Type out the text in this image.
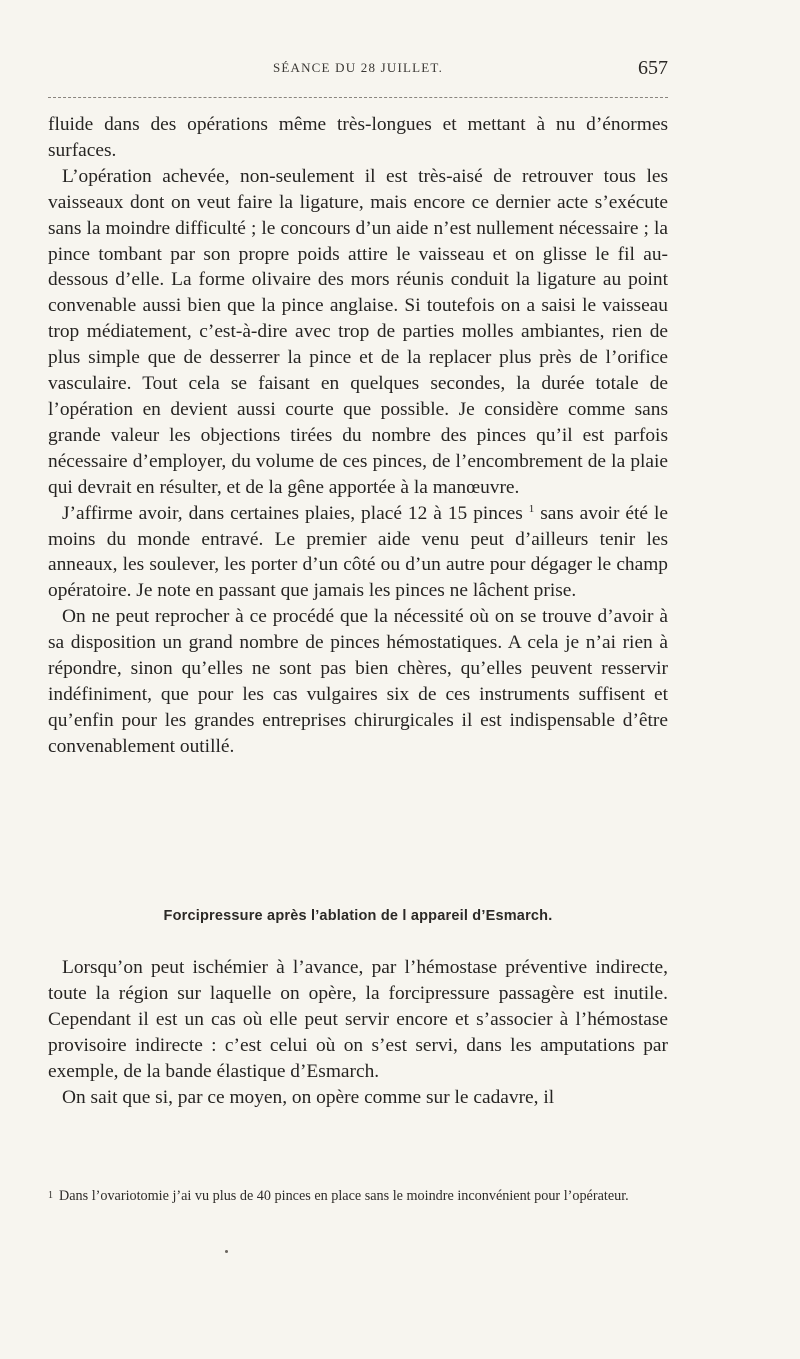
SÉANCE DU 28 JUILLET.	657

fluide dans des opérations même très-longues et mettant à nu d’énormes surfaces.

L’opération achevée, non-seulement il est très-aisé de retrouver tous les vaisseaux dont on veut faire la ligature, mais encore ce dernier acte s’exécute sans la moindre difficulté ; le concours d’un aide n’est nullement nécessaire ; la pince tombant par son propre poids attire le vaisseau et on glisse le fil au-dessous d’elle. La forme olivaire des mors réunis conduit la ligature au point convenable aussi bien que la pince anglaise. Si toutefois on a saisi le vaisseau trop médiatement, c’est-à-dire avec trop de parties molles ambiantes, rien de plus simple que de desserrer la pince et de la replacer plus près de l’orifice vasculaire. Tout cela se faisant en quelques secondes, la durée totale de l’opération en devient aussi courte que possible. Je considère comme sans grande valeur les objections tirées du nombre des pinces qu’il est parfois nécessaire d’employer, du volume de ces pinces, de l’encombrement de la plaie qui devrait en résulter, et de la gêne apportée à la manœuvre.

J’affirme avoir, dans certaines plaies, placé 12 à 15 pinces $^1$ sans avoir été le moins du monde entravé. Le premier aide venu peut d’ailleurs tenir les anneaux, les soulever, les porter d’un côté ou d’un autre pour dégager le champ opératoire. Je note en passant que jamais les pinces ne lâchent prise.

On ne peut reprocher à ce procédé que la nécessité où on se trouve d’avoir à sa disposition un grand nombre de pinces hémostatiques. A cela je n’ai rien à répondre, sinon qu’elles ne sont pas bien chères, qu’elles peuvent resservir indéfiniment, que pour les cas vulgaires six de ces instruments suffisent et qu’enfin pour les grandes entreprises chirurgicales il est indispensable d’être convenablement outillé.

Forcipressure après l’ablation de l appareil d’Esmarch.

Lorsqu’on peut ischémier à l’avance, par l’hémostase préventive indirecte, toute la région sur laquelle on opère, la forcipressure passagère est inutile. Cependant il est un cas où elle peut servir encore et s’associer à l’hémostase provisoire indirecte : c’est celui où on s’est servi, dans les amputations par exemple, de la bande élastique d’Esmarch.

On sait que si, par ce moyen, on opère comme sur le cadavre, il

1 Dans l’ovariotomie j’ai vu plus de 40 pinces en place sans le moindre inconvénient pour l’opérateur.
